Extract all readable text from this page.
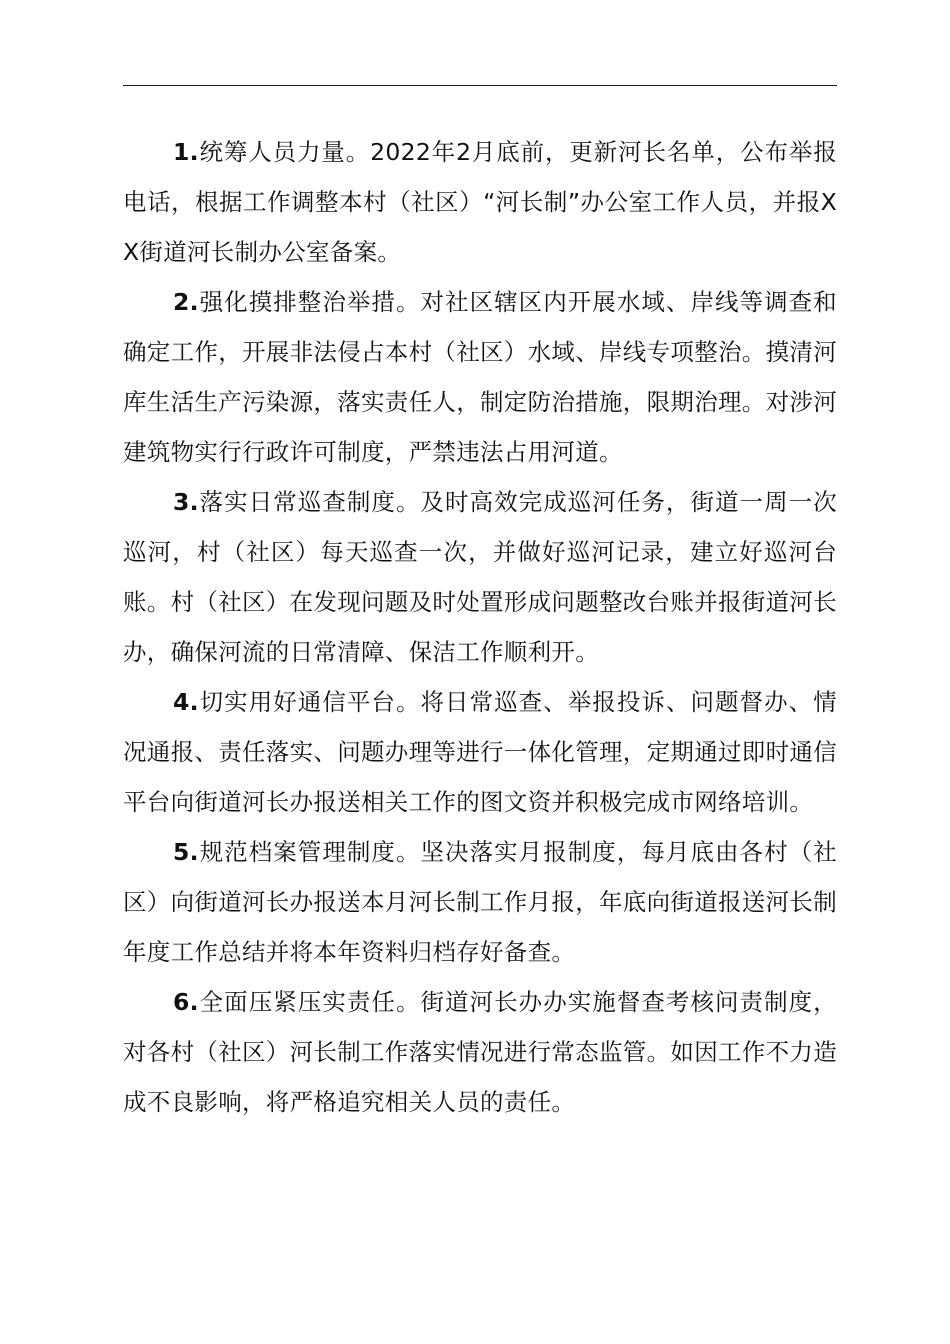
1.统筹人员力量。2022年2月底前，更新河长名单，公布举报电话，根据工作调整本村（社区）“河长制”办公室工作人员，并报XX街道河长制办公室备案。

2.强化摸排整治举措。对社区辖区内开展水域、岸线等调查和确定工作，开展非法侵占本村（社区）水域、岸线专项整治。摸清河库生活生产污染源，落实责任人，制定防治措施，限期治理。对涉河建筑物实行行政许可制度，严禁违法占用河道。

3.落实日常巡查制度。及时高效完成巡河任务，街道一周一次巡河，村（社区）每天巡查一次，并做好巡河记录，建立好巡河台账。村（社区）在发现问题及时处置形成问题整改台账并报街道河长办，确保河流的日常清障、保洁工作顺利开。

4.切实用好通信平台。将日常巡查、举报投诉、问题督办、情况通报、责任落实、问题办理等进行一体化管理，定期通过即时通信平台向街道河长办报送相关工作的图文资并积极完成市网络培训。

5.规范档案管理制度。坚决落实月报制度，每月底由各村（社区）向街道河长办报送本月河长制工作月报，年底向街道报送河长制年度工作总结并将本年资料归档存好备查。

6.全面压紧压实责任。街道河长办办实施督查考核问责制度，对各村（社区）河长制工作落实情况进行常态监管。如因工作不力造成不良影响，将严格追究相关人员的责任。
